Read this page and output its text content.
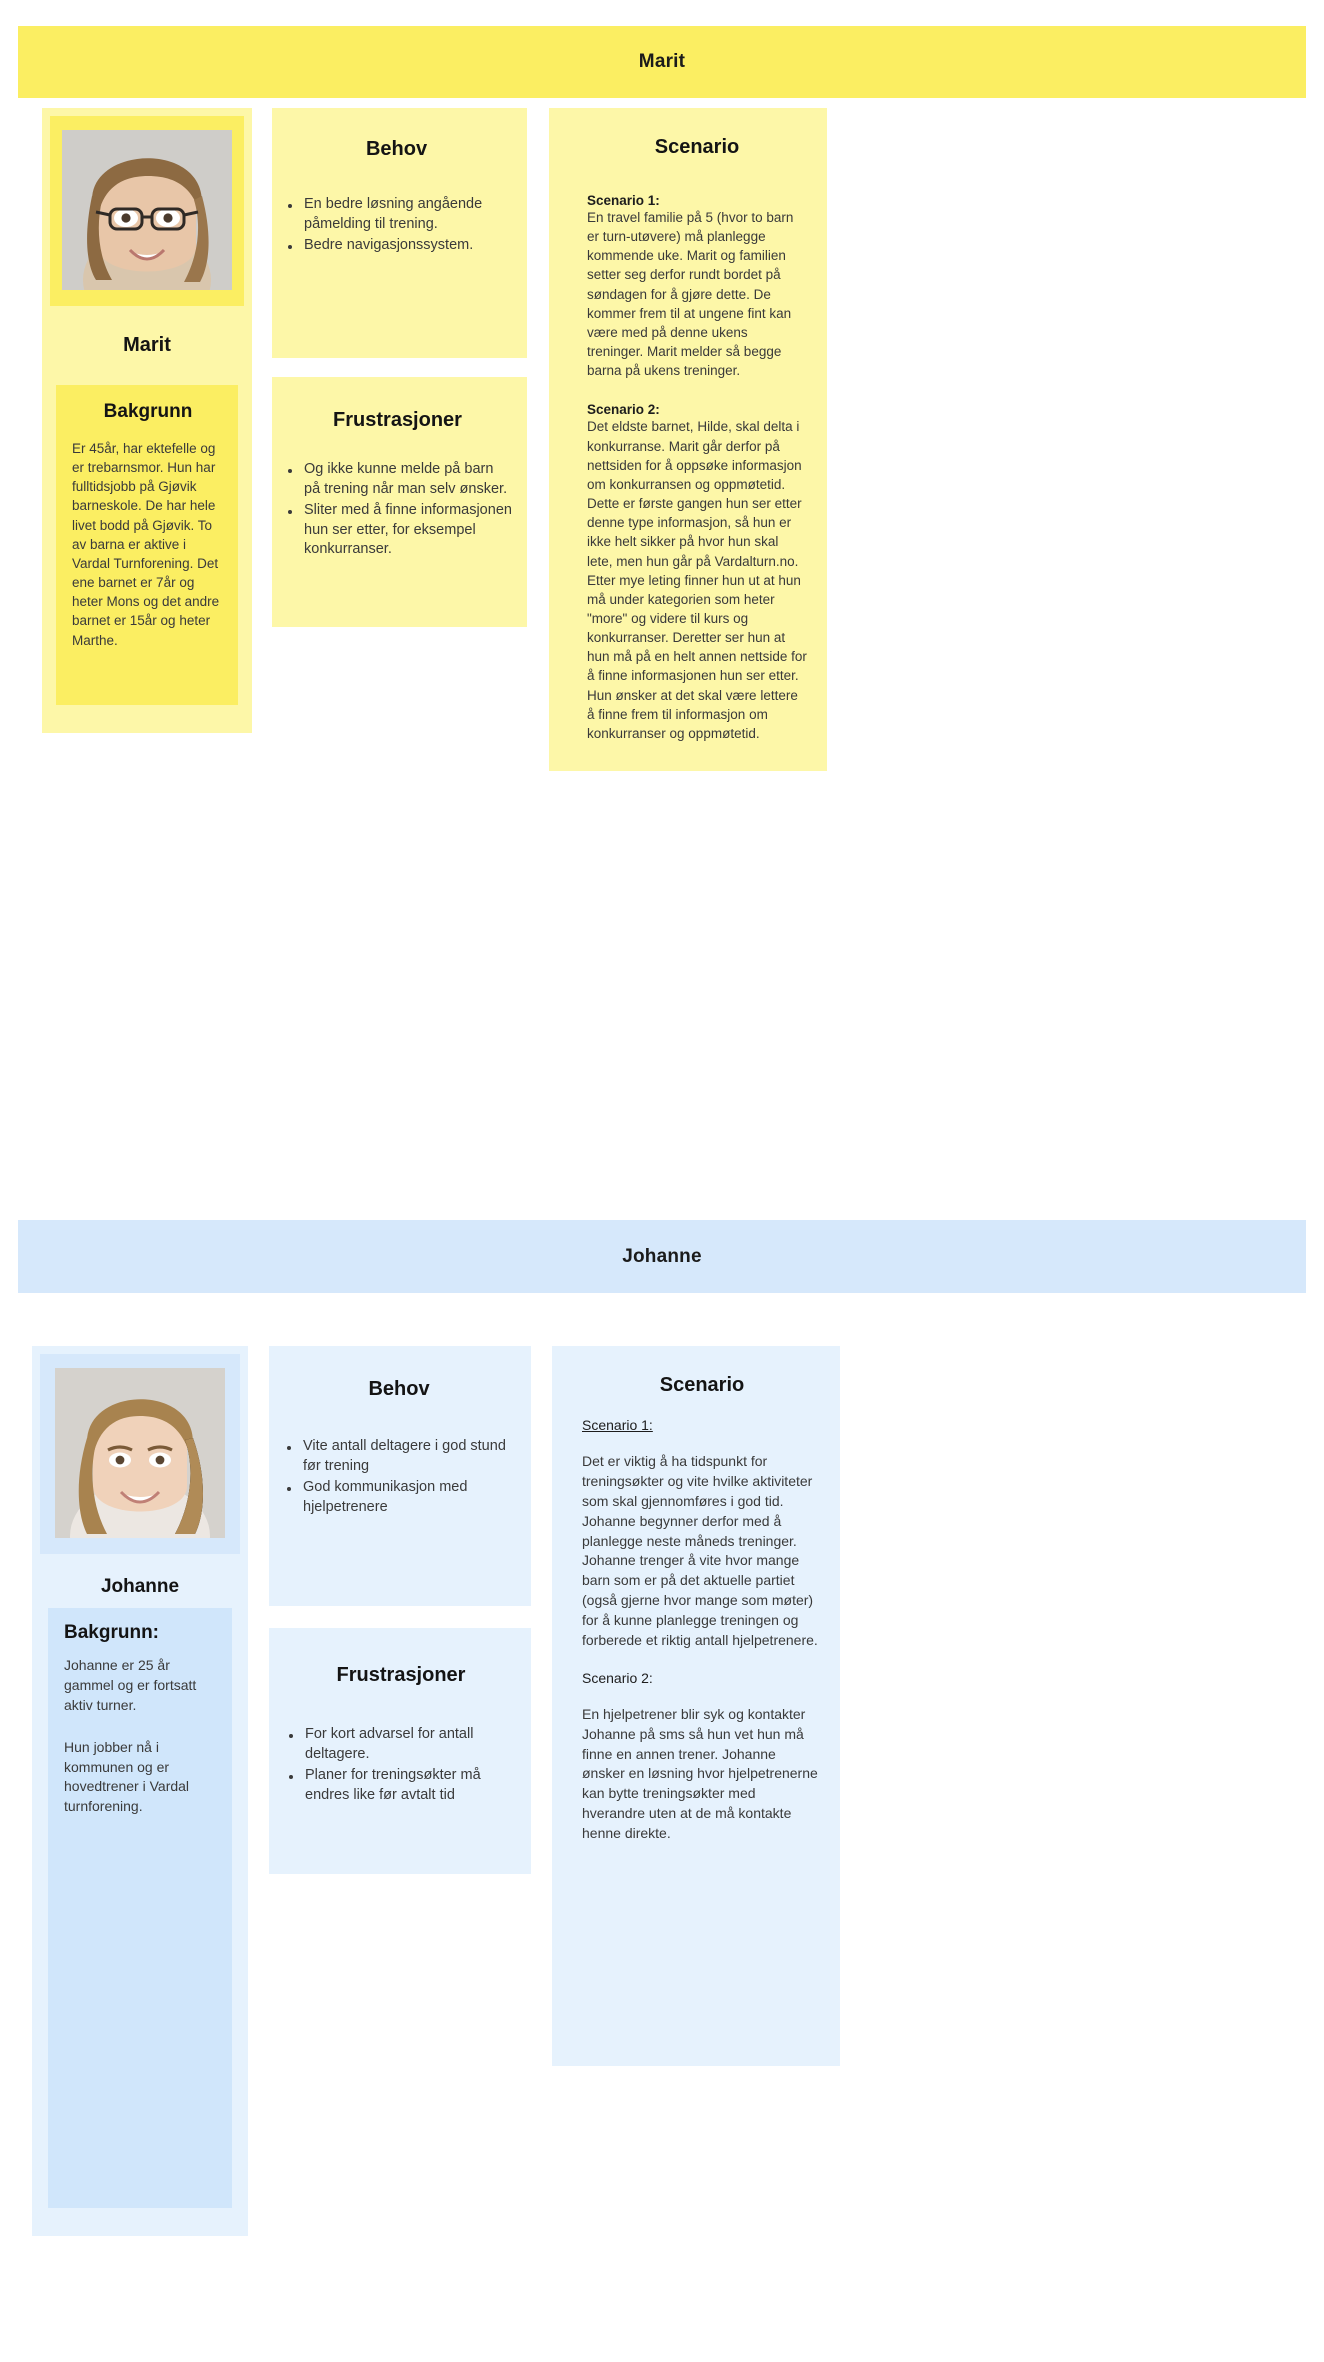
Marit
Marit
Bakgrunn
Er 45år, har ektefelle og er trebarnsmor. Hun har fulltidsjobb på Gjøvik barneskole. De har hele livet bodd på Gjøvik. To av barna er aktive i Vardal Turnforening. Det ene barnet er 7år og heter Mons og det andre barnet er 15år og heter Marthe.
Behov
En bedre løsning angående påmelding til trening.
Bedre navigasjonssystem.
Frustrasjoner
Og ikke kunne melde på barn på trening når man selv ønsker.
Sliter med å finne informasjonen hun ser etter, for eksempel konkurranser.
Scenario
Scenario 1:
En travel familie på 5 (hvor to barn er turn-utøvere) må planlegge kommende uke. Marit og familien setter seg derfor rundt bordet på søndagen for å gjøre dette. De kommer frem til at ungene fint kan være med på denne ukens treninger. Marit melder så begge barna på ukens treninger.
Scenario 2:
Det eldste barnet, Hilde, skal delta i konkurranse. Marit går derfor på nettsiden for å oppsøke informasjon om konkurransen og oppmøtetid. Dette er første gangen hun ser etter denne type informasjon, så hun er ikke helt sikker på hvor hun skal lete, men hun går på Vardalturn.no. Etter mye leting finner hun ut at hun må under kategorien som heter "more" og videre til kurs og konkurranser. Deretter ser hun at hun må på en helt annen nettside for å finne informasjonen hun ser etter. Hun ønsker at det skal være lettere å finne frem til informasjon om konkurranser og oppmøtetid.
Johanne
Johanne
Bakgrunn:
Johanne er 25 år gammel og er fortsatt aktiv turner.
Hun jobber nå i kommunen og er hovedtrener i Vardal turnforening.
Behov
Vite antall deltagere i god stund før trening
God kommunikasjon med hjelpetrenere
Frustrasjoner
For kort advarsel for antall deltagere.
Planer for treningsøkter må endres like før avtalt tid
Scenario
Scenario 1:
Det er viktig å ha tidspunkt for treningsøkter og vite hvilke aktiviteter som skal gjennomføres i god tid. Johanne begynner derfor med å planlegge neste måneds treninger. Johanne trenger å vite hvor mange barn som er på det aktuelle partiet (også gjerne hvor mange som møter) for å kunne planlegge treningen og forberede et riktig antall hjelpetrenere.
Scenario 2:
En hjelpetrener blir syk og kontakter Johanne på sms så hun vet hun må finne en annen trener. Johanne ønsker en løsning hvor hjelpetrenerne kan bytte treningsøkter med hverandre uten at de må kontakte henne direkte.
